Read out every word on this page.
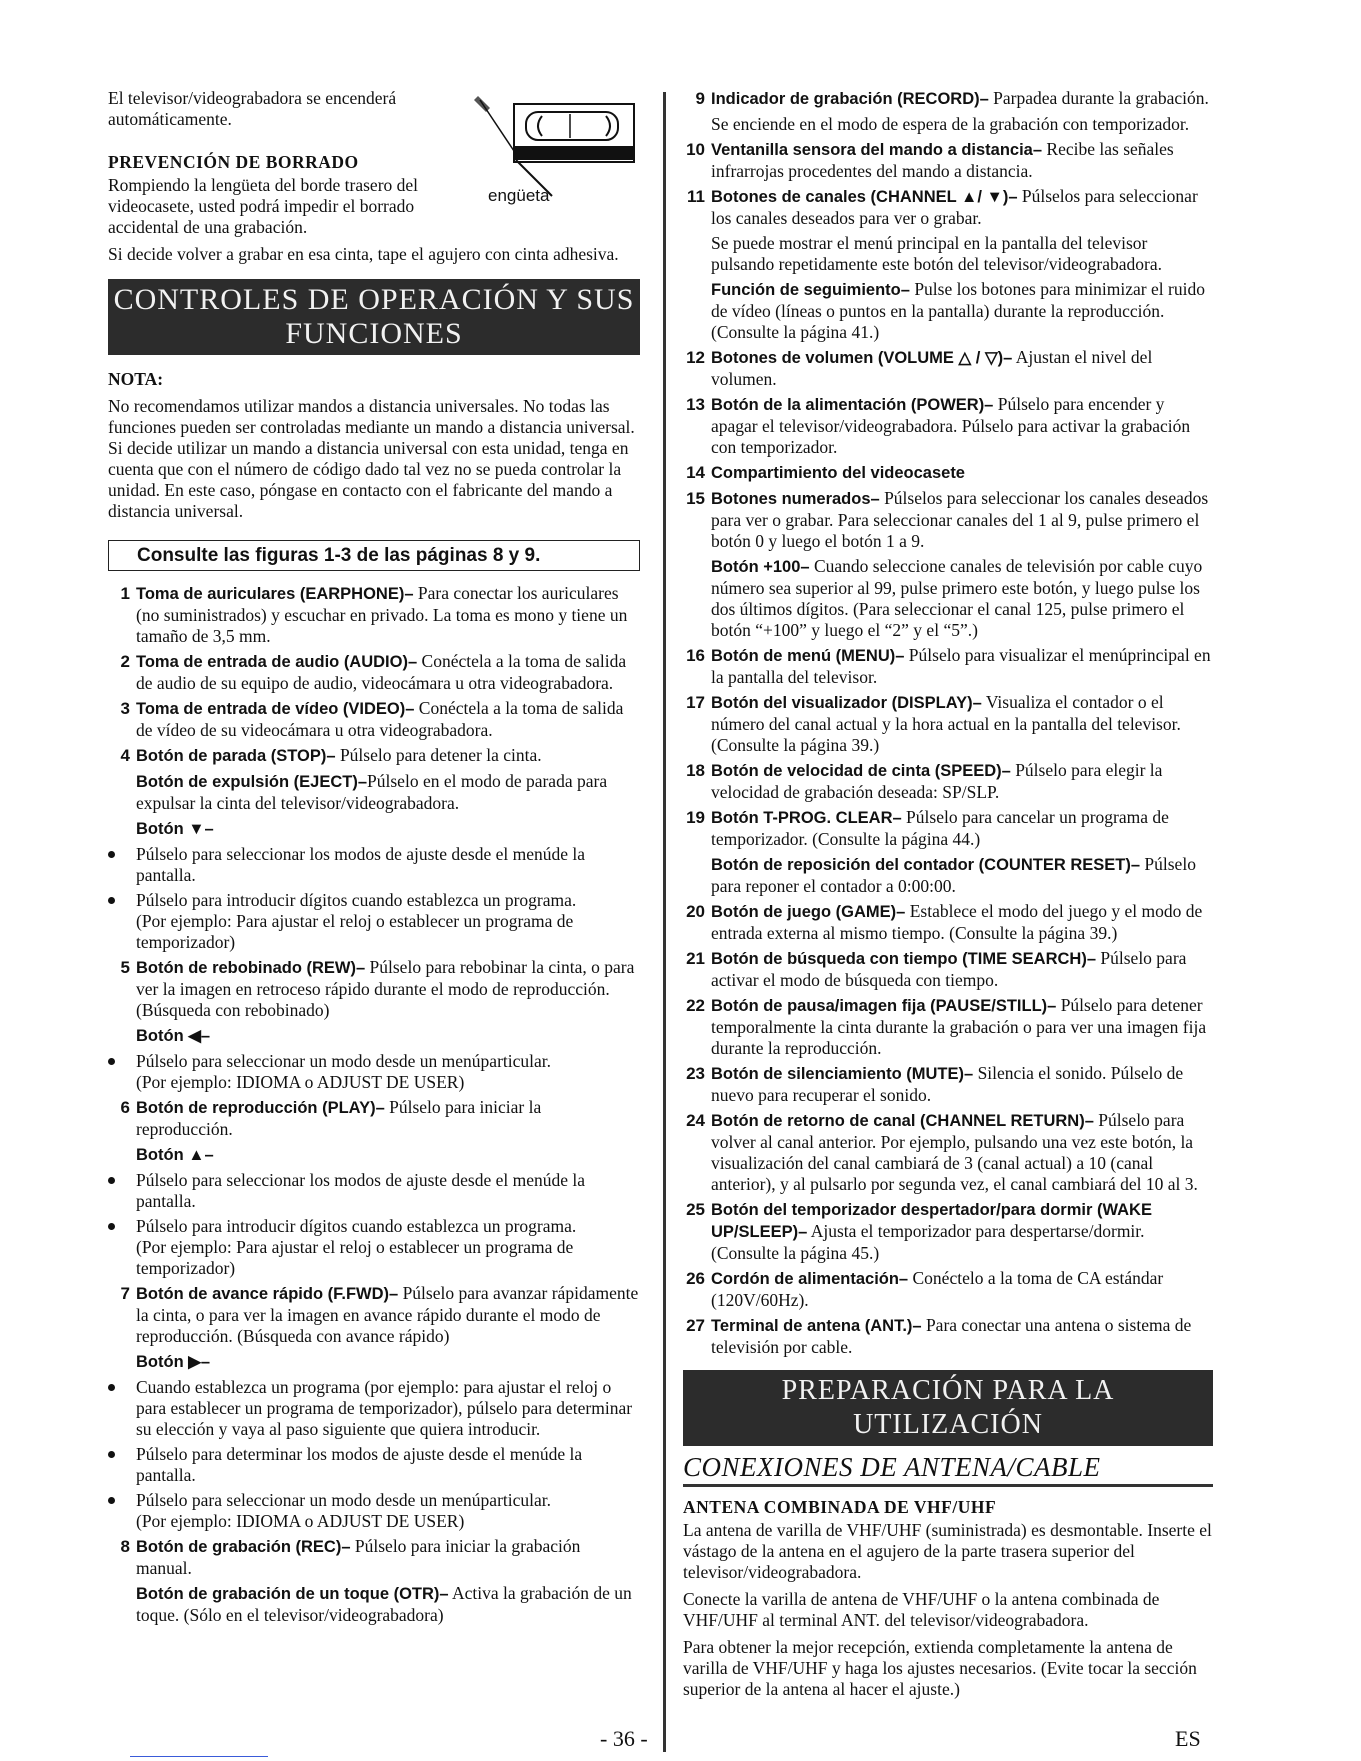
engüeta

El televisor/videograbadora se encenderá automáticamente.

PREVENCIÓN DE BORRADO

Rompiendo la lengüeta del borde trasero del videocasete, usted podrá impedir el borrado accidental de una grabación.

Si decide volver a grabar en esa cinta, tape el agujero con cinta adhesiva.

CONTROLES DE OPERACIÓN Y SUS FUNCIONES

NOTA:

No recomendamos utilizar mandos a distancia universales. No todas las funciones pueden ser controladas mediante un mando a distancia universal. Si decide utilizar un mando a distancia universal con esta unidad, tenga en cuenta que con el número de código dado tal vez no se pueda controlar la unidad. En este caso, póngase en contacto con el fabricante del mando a distancia universal.

Consulte las figuras 1-3 de las páginas 8 y 9.
1 Toma de auriculares (EARPHONE)– Para conectar los auriculares (no suministrados) y escuchar en privado. La toma es mono y tiene un tamaño de 3,5 mm.
2 Toma de entrada de audio (AUDIO)– Conéctela a la toma de salida de audio de su equipo de audio, videocámara u otra videograbadora.
3 Toma de entrada de vídeo (VIDEO)– Conéctela a la toma de salida de vídeo de su videocámara u otra videograbadora.
4 Botón de parada (STOP)– Púlselo para detener la cinta.
Botón de expulsión (EJECT)–Púlselo en el modo de parada para expulsar la cinta del televisor/videograbadora.
Botón ▼–
Púlselo para seleccionar los modos de ajuste desde el menúde la pantalla.
Púlselo para introducir dígitos cuando establezca un programa.
(Por ejemplo: Para ajustar el reloj o establecer un programa de temporizador)
5 Botón de rebobinado (REW)– Púlselo para rebobinar la cinta, o para ver la imagen en retroceso rápido durante el modo de reproducción. (Búsqueda con rebobinado)
Botón ◀–
Púlselo para seleccionar un modo desde un menúparticular.
(Por ejemplo: IDIOMA o ADJUST DE USER)
6 Botón de reproducción (PLAY)– Púlselo para iniciar la reproducción.
Botón ▲–
Púlselo para seleccionar los modos de ajuste desde el menúde la pantalla.
Púlselo para introducir dígitos cuando establezca un programa.
(Por ejemplo: Para ajustar el reloj o establecer un programa de temporizador)
7 Botón de avance rápido (F.FWD)– Púlselo para avanzar rápidamente la cinta, o para ver la imagen en avance rápido durante el modo de reproducción. (Búsqueda con avance rápido)
Botón ▶–
Cuando establezca un programa (por ejemplo: para ajustar el reloj o para establecer un programa de temporizador), púlselo para determinar su elección y vaya al paso siguiente que quiera introducir.
Púlselo para determinar los modos de ajuste desde el menúde la pantalla.
Púlselo para seleccionar un modo desde un menúparticular.
(Por ejemplo: IDIOMA o ADJUST DE USER)
8 Botón de grabación (REC)– Púlselo para iniciar la grabación manual.
Botón de grabación de un toque (OTR)– Activa la grabación de un toque. (Sólo en el televisor/videograbadora)
9 Indicador de grabación (RECORD)– Parpadea durante la grabación.
Se enciende en el modo de espera de la grabación con temporizador.
10 Ventanilla sensora del mando a distancia– Recibe las señales infrarrojas procedentes del mando a distancia.
11 Botones de canales (CHANNEL ▲/ ▼)– Púlselos para seleccionar los canales deseados para ver o grabar.
Se puede mostrar el menú principal en la pantalla del televisor pulsando repetidamente este botón del televisor/videograbadora.
Función de seguimiento– Pulse los botones para minimizar el ruido de vídeo (líneas o puntos en la pantalla) durante la reproducción. (Consulte la página 41.)
12 Botones de volumen (VOLUME △ / ▽)– Ajustan el nivel del volumen.
13 Botón de la alimentación (POWER)– Púlselo para encender y apagar el televisor/videograbadora. Púlselo para activar la grabación con temporizador.
14 Compartimiento del videocasete
15 Botones numerados– Púlselos para seleccionar los canales deseados para ver o grabar. Para seleccionar canales del 1 al 9, pulse primero el botón 0 y luego el botón 1 a 9.
Botón +100– Cuando seleccione canales de televisión por cable cuyo número sea superior al 99, pulse primero este botón, y luego pulse los dos últimos dígitos. (Para seleccionar el canal 125, pulse primero el botón “+100” y luego el “2” y el “5”.)
16 Botón de menú (MENU)– Púlselo para visualizar el menúprincipal en la pantalla del televisor.
17 Botón del visualizador (DISPLAY)– Visualiza el contador o el número del canal actual y la hora actual en la pantalla del televisor. (Consulte la página 39.)
18 Botón de velocidad de cinta (SPEED)– Púlselo para elegir la velocidad de grabación deseada: SP/SLP.
19 Botón T-PROG. CLEAR– Púlselo para cancelar un programa de temporizador. (Consulte la página 44.)
Botón de reposición del contador (COUNTER RESET)– Púlselo para reponer el contador a 0:00:00.
20 Botón de juego (GAME)– Establece el modo del juego y el modo de entrada externa al mismo tiempo. (Consulte la página 39.)
21 Botón de búsqueda con tiempo (TIME SEARCH)– Púlselo para activar el modo de búsqueda con tiempo.
22 Botón de pausa/imagen fija (PAUSE/STILL)– Púlselo para detener temporalmente la cinta durante la grabación o para ver una imagen fija durante la reproducción.
23 Botón de silenciamiento (MUTE)– Silencia el sonido. Púlselo de nuevo para recuperar el sonido.
24 Botón de retorno de canal (CHANNEL RETURN)– Púlselo para volver al canal anterior. Por ejemplo, pulsando una vez este botón, la visualización del canal cambiará de 3 (canal actual) a 10 (canal anterior), y al pulsarlo por segunda vez, el canal cambiará del 10 al 3.
25 Botón del temporizador despertador/para dormir (WAKE UP/SLEEP)– Ajusta el temporizador para despertarse/dormir. (Consulte la página 45.)
26 Cordón de alimentación– Conéctelo a la toma de CA estándar (120V/60Hz).
27 Terminal de antena (ANT.)– Para conectar una antena o sistema de televisión por cable.
PREPARACIÓN PARA LA UTILIZACIÓN
CONEXIONES DE ANTENA/CABLE

ANTENA COMBINADA DE VHF/UHF

La antena de varilla de VHF/UHF (suministrada) es desmontable. Inserte el vástago de la antena en el agujero de la parte trasera superior del televisor/videograbadora.

Conecte la varilla de antena de VHF/UHF o la antena combinada de VHF/UHF al terminal ANT. del televisor/videograbadora.

Para obtener la mejor recepción, extienda completamente la antena de varilla de VHF/UHF y haga los ajustes necesarios. (Evite tocar la sección superior de la antena al hacer el ajuste.)

- 36 -	ES
